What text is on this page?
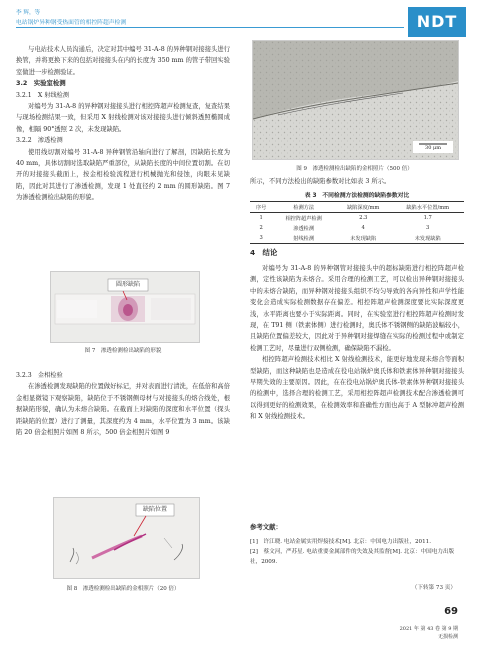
李 辉，等
电站锅炉异种钢受热面管的相控阵超声检测	NDT

与电站技术人员沟通后，决定对其中编号 31-A-8 的异种钢对接接头进行换管，并将更换下来的包括对接接头在内的长度为 350 mm 的管子带回实验室做进一步检测验证。

3.2　实验室检测
3.2.1　X 射线检测

对编号为 31-A-8 的异种钢对接接头进行相控阵超声检测复查，复查结果与现场检测结果一致，但采用 X 射线检测对该对接接头进行倾斜透照椭圆成像，相隔 90°透照 2 次，未发现缺陷。

3.2.2　渗透检测

使用线切割对编号 31-A-8 异种钢管沿轴向进行了解剖，因缺陷长度为 40 mm，具体切割时选取缺陷严重部位，从缺陷长度的中间位置切割。在切开的对接接头截面上，按金相检验流程进行机械抛光和侵蚀，肉眼未见缺陷，因此对其进行了渗透检测，发现 1 处直径约 2 mm 的圆形缺陷。图 7 为渗透检测检出缺陷的形貌。

圆形缺陷
图 7　渗透检测检出缺陷的形貌
3.2.3　金相检验

在渗透检测发现缺陷的位置做好标记，并对表面进行清洗，在低倍和高倍金相显微镜下观察缺陷，缺陷位于不锈钢侧母材与对接接头的熔合线处，根据缺陷形貌，确认为未熔合缺陷。在截面上对缺陷的深度和水平位置（探头距缺陷的位置）进行了测量，其深度约为 4 mm，水平位置为 3 mm。该缺陷 20 倍金相照片如图 8 所示，500 倍金相照片如图 9

缺陷位置
图 8　渗透检测检出缺陷的金相照片（20 倍）
30 μm
图 9　渗透检测检出缺陷的金相照片（500 倍）

所示，不同方法检出的缺陷参数对比如表 3 所示。

表 3　不同检测方法检测的缺陷参数对比
序号	检测方法	缺陷深度/mm	缺陷水平位置/mm
1	相控阵超声检测	2.3	1.7
2	渗透检测	4	3
3	射线检测	未发现缺陷	未发现缺陷
4　结论

对编号为 31-A-8 的异种钢管对接接头中的超标缺陷进行相控阵超声检测，定性该缺陷为未熔合。采用合理的检测工艺，可以检出异种钢对接接头中的未熔合缺陷，而异种钢对接接头组织不均匀导致的各向异性和声学性能变化会造成实际检测数据存在偏差。相控阵超声检测深度要比实际深度更浅，水平距离也要小于实际距离。同时，在实验室进行相控阵超声检测时发现，在 T91 侧（铁素体侧）进行检测时，奥氏体不锈钢侧的缺陷波幅较小，且缺陷位置偏差较大，因此对于异种钢对接焊缝在实际的检测过程中或制定检测工艺时，尽量进行双侧检测，确保缺陷不漏检。

相控阵超声检测技术相比 X 射线检测技术，能更好地发现未熔合等面积型缺陷，而这种缺陷也是造成在役电站锅炉奥氏体和铁素体异种钢对接接头早期失效的主要原因。因此，在在役电站锅炉奥氏体-铁素体异种钢对接接头的检测中，选择合理的检测工艺，采用相控阵超声检测技术配合渗透检测可以得到更好的检测效果，在检测效率和准确性方面也高于 A 型脉冲超声检测和 X 射线检测技术。

参考文献：
[1]　许江晓. 电站金属实用焊接技术[M]. 北京：中国电力出版社，2011.
[2]　蔡文河，严苏星. 电站重要金属部件的失效及其监督[M]. 北京：中国电力出版社，2009.
（下转第 73 页）
69
2021 年 第 43 卷 第 9 期
无损检测
